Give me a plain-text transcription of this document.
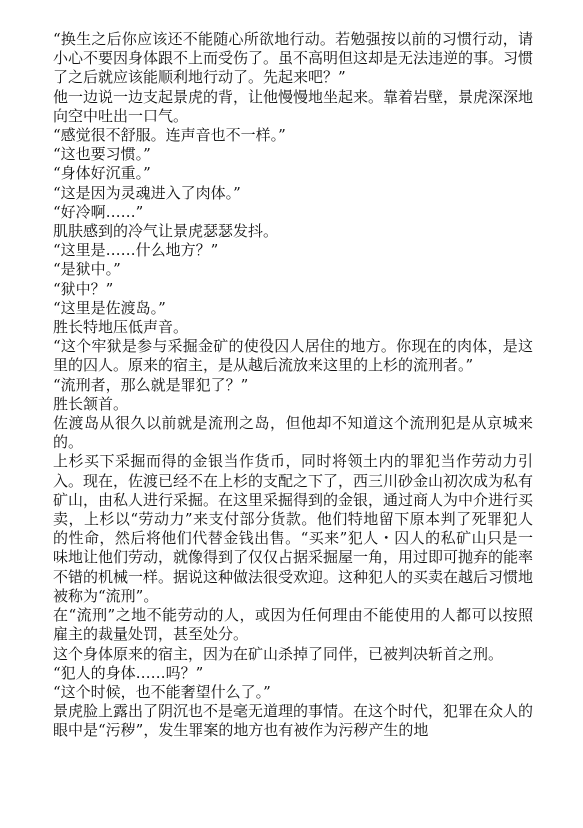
“换生之后你应该还不能随心所欲地行动。若勉强按以前的习惯行动，请小心不要因身体跟不上而受伤了。虽不高明但这却是无法违逆的事。习惯了之后就应该能顺利地行动了。先起来吧？”

他一边说一边支起景虎的背，让他慢慢地坐起来。靠着岩壁，景虎深深地向空中吐出一口气。

“感觉很不舒服。连声音也不一样。”

“这也要习惯。”

“身体好沉重。”

“这是因为灵魂进入了肉体。”

“好冷啊……”

肌肤感到的冷气让景虎瑟瑟发抖。

“这里是……什么地方？”

“是狱中。”

“狱中？”

“这里是佐渡岛。”

胜长特地压低声音。

“这个牢狱是参与采掘金矿的使役囚人居住的地方。你现在的肉体，是这里的囚人。原来的宿主，是从越后流放来这里的上杉的流刑者。”

“流刑者，那么就是罪犯了？”

胜长颔首。

佐渡岛从很久以前就是流刑之岛，但他却不知道这个流刑犯是从京城来的。

上杉买下采掘而得的金银当作货币，同时将领土内的罪犯当作劳动力引入。现在，佐渡已经不在上杉的支配之下了，西三川砂金山初次成为私有矿山，由私人进行采掘。在这里采掘得到的金银，通过商人为中介进行买卖，上杉以“劳动力”来支付部分货款。他们特地留下原本判了死罪犯人的性命，然后将他们代替金钱出售。“买来”犯人・囚人的私矿山只是一味地让他们劳动，就像得到了仅仅占据采掘屋一角，用过即可抛弃的能率不错的机械一样。据说这种做法很受欢迎。这种犯人的买卖在越后习惯地被称为“流刑”。

在“流刑”之地不能劳动的人，或因为任何理由不能使用的人都可以按照雇主的裁量处罚，甚至处分。

这个身体原来的宿主，因为在矿山杀掉了同伴，已被判决斩首之刑。

“犯人的身体……吗？”

“这个时候，也不能奢望什么了。”

景虎脸上露出了阴沉也不是毫无道理的事情。在这个时代，犯罪在众人的眼中是“污秽”，发生罪案的地方也有被作为污秽产生的地
